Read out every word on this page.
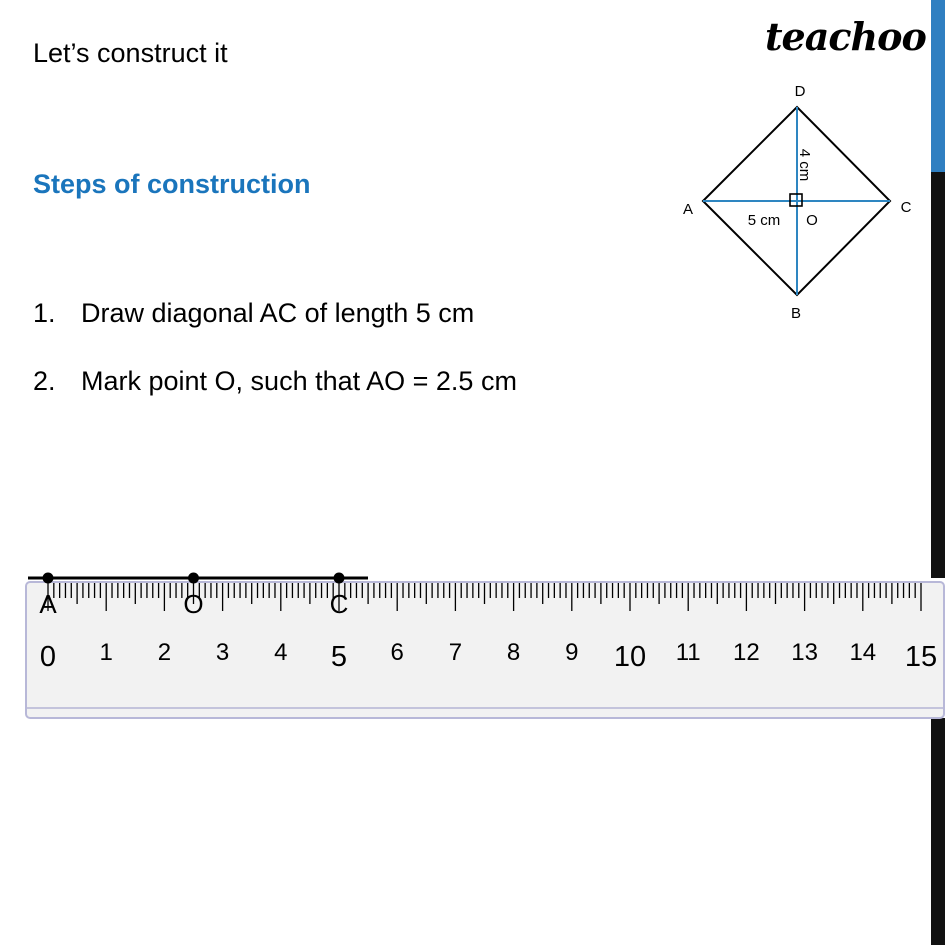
Let’s construct it	teachoo
Steps of construction
1. Draw diagonal AC of length 5 cm
2. Mark point O, such that AO = 2.5 cm
D
A	C
B
O
5 cm
4 cm
0 1 2 3 4 5 6 7 8 9 10 11 12 13 14 15
A	O	C
